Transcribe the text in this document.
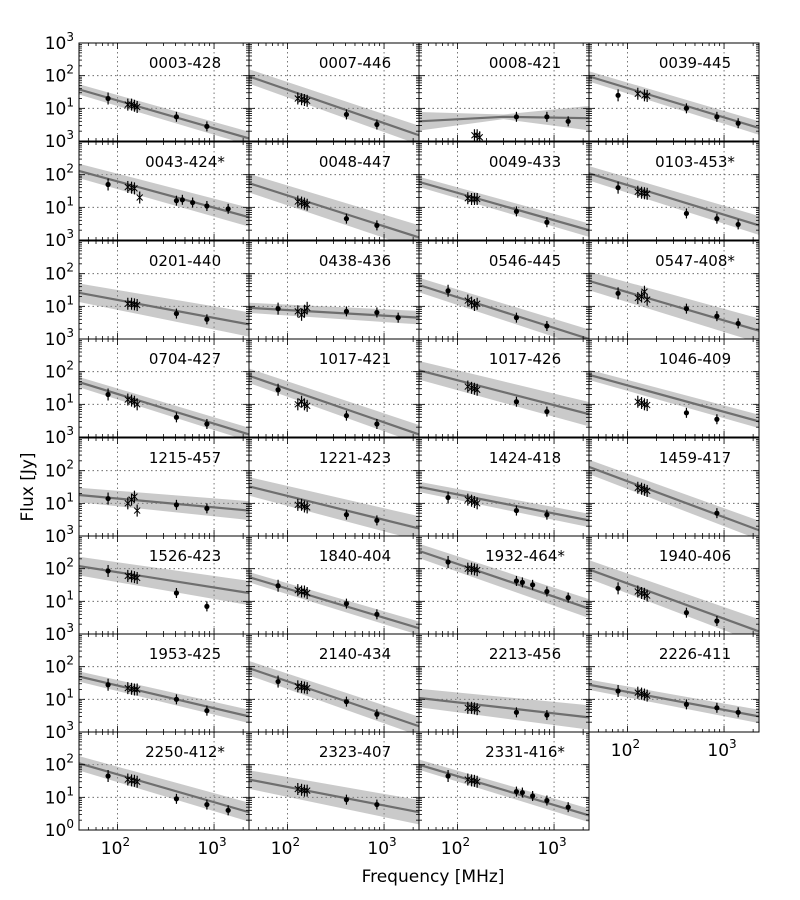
0003-428
$10^3$
$10^1$
$10^2$
$10^3$
0007-446	0008-421	0039-445
0043-424*
$10^3$
$10^1$
$10^2$	0048-447	0049-433	0103-453*
0201-440
$10^3$
$10^1$
$10^2$	0438-436	0546-445	0547-408*
0704-427
$10^3$
$10^1$
$10^2$	1017-421	1017-426	1046-409
1215-457
$10^3$
$10^1$
$10^2$	1221-423	1424-418	1459-417
1526-423
$10^3$
$10^1$
$10^2$	1840-404	1932-464*	1940-406
1953-425
$10^3$
$10^1$
$10^2$	2140-434	2213-456	2226-411
$10^2$	$10^3$
2250-412*
$10^0$
$10^1$
$10^2$
$10^2$	$10^3$
2323-407
$10^2$	$10^3$
2331-416*
$10^2$	$10^3$
Frequency [MHz]
Flux [Jy]
